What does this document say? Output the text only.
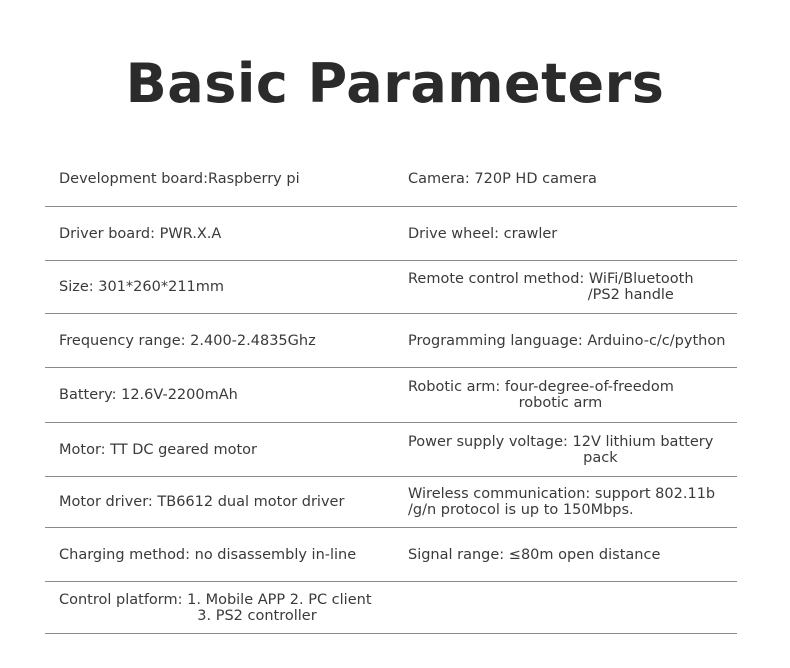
Basic Parameters
Development board:Raspberry pi	Camera: 720P HD camera
Driver board: PWR.X.A	Drive wheel: crawler
Size: 301*260*211mm	Remote control method: WiFi/Bluetooth
/PS2 handle
Frequency range: 2.400-2.4835Ghz	Programming language: Arduino-c/c/python
Battery: 12.6V-2200mAh	Robotic arm: four-degree-of-freedom
robotic arm
Motor: TT DC geared motor	Power supply voltage: 12V lithium battery
pack
Motor driver: TB6612 dual motor driver	Wireless communication: support 802.11b
/g/n protocol is up to 150Mbps.
Charging method: no disassembly in-line	Signal range: ≤80m open distance
Control platform: 1. Mobile APP 2. PC client
3. PS2 controller
